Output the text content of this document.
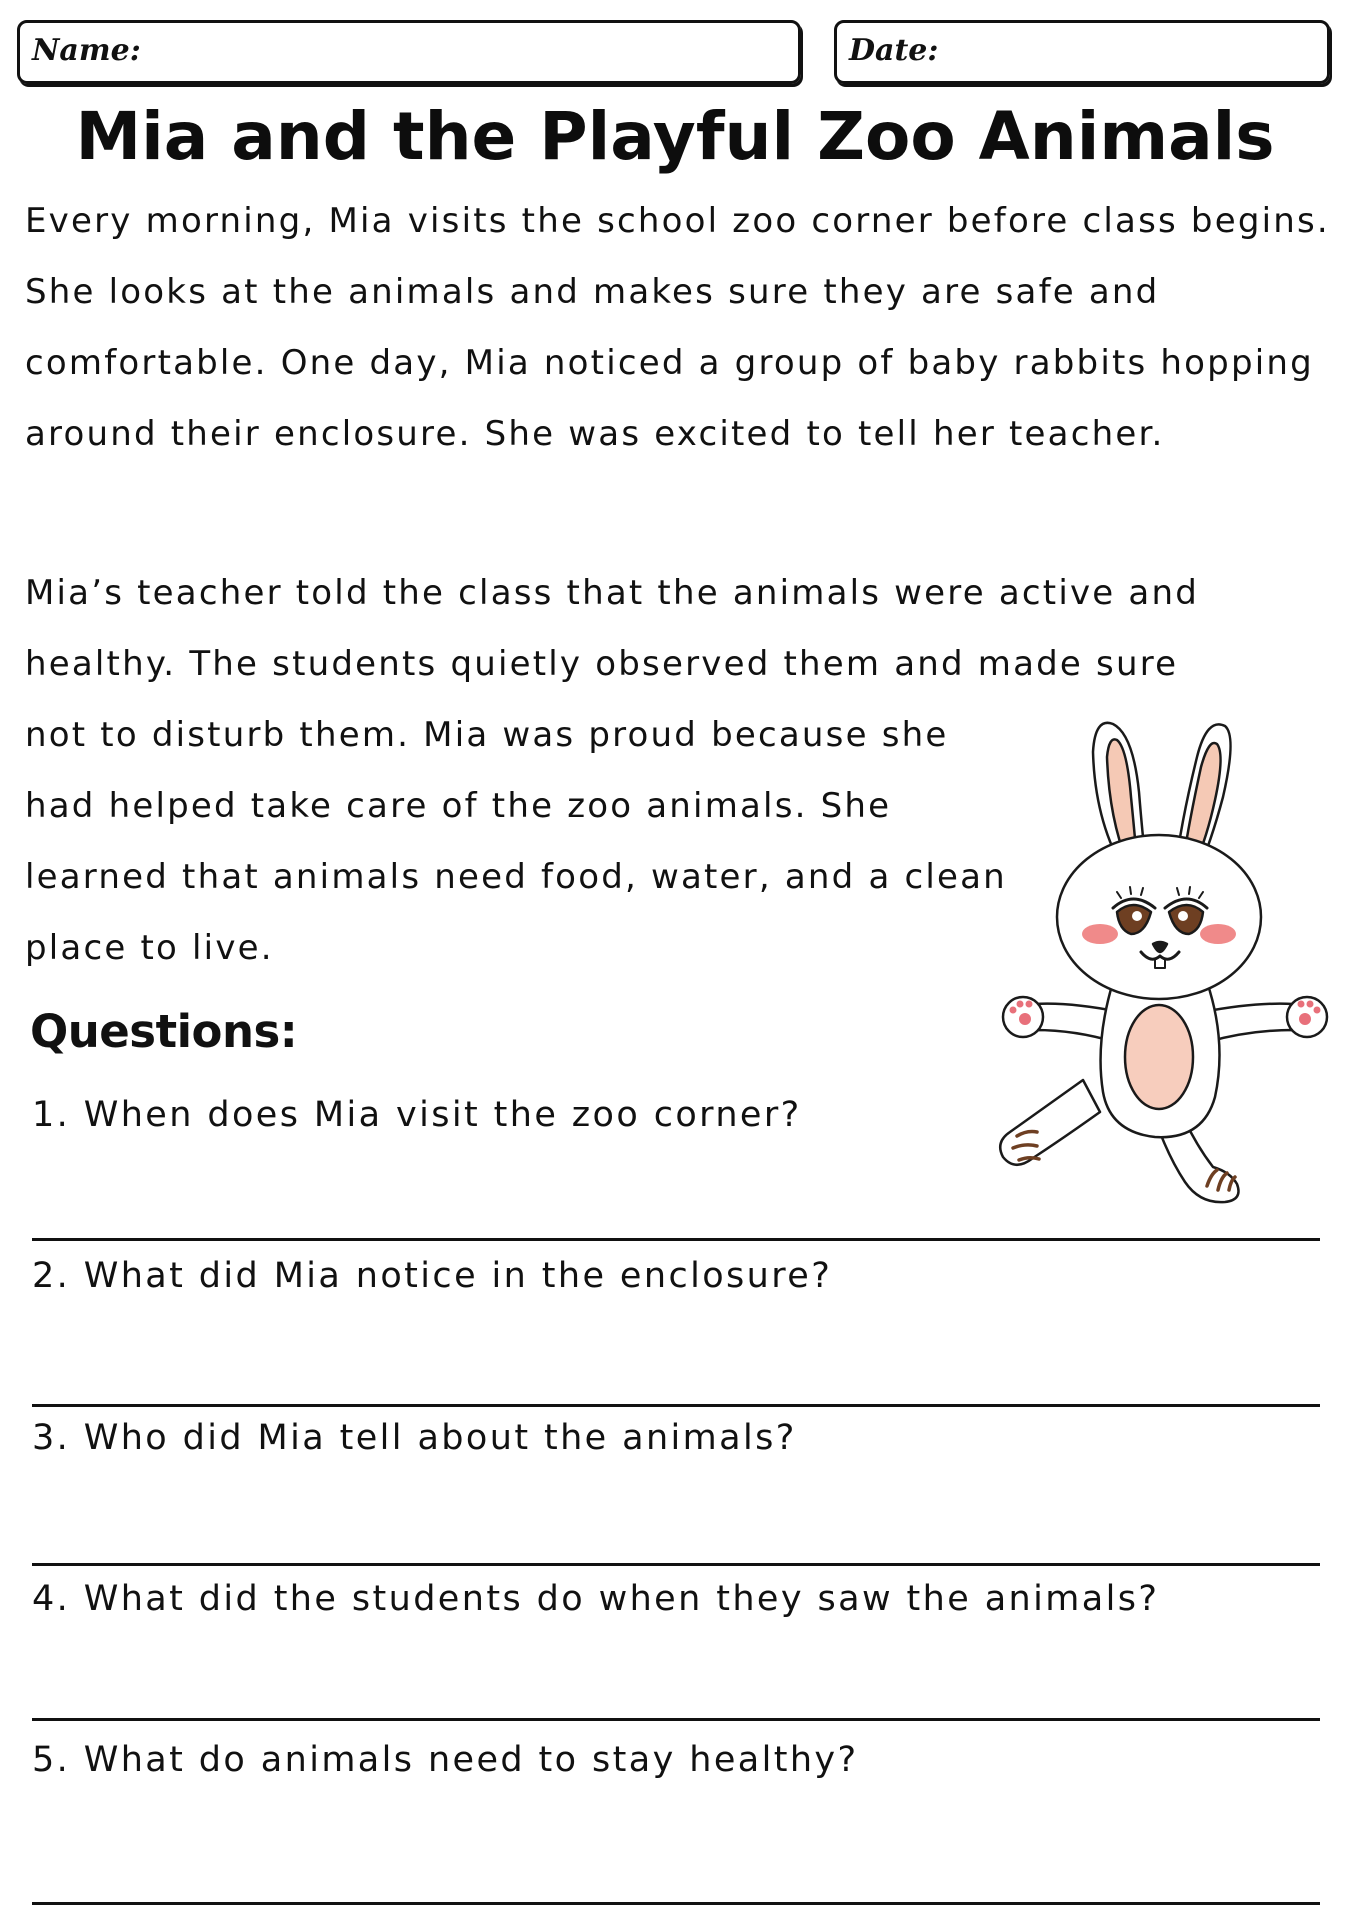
Name:	Date:
Mia and the Playful Zoo Animals

Every morning, Mia visits the school zoo corner before class begins. She looks at the animals and makes sure they are safe and comfortable. One day, Mia noticed a group of baby rabbits hopping around their enclosure. She was excited to tell her teacher.

Mia’s teacher told the class that the animals were active and healthy. The students quietly observed them and made sure
not to disturb them. Mia was proud because she had helped take care of the zoo animals. She learned that animals need food, water, and a clean place to live.

Questions:
1. When does Mia visit the zoo corner?
2. What did Mia notice in the enclosure?
3. Who did Mia tell about the animals?
4. What did the students do when they saw the animals?
5. What do animals need to stay healthy?
